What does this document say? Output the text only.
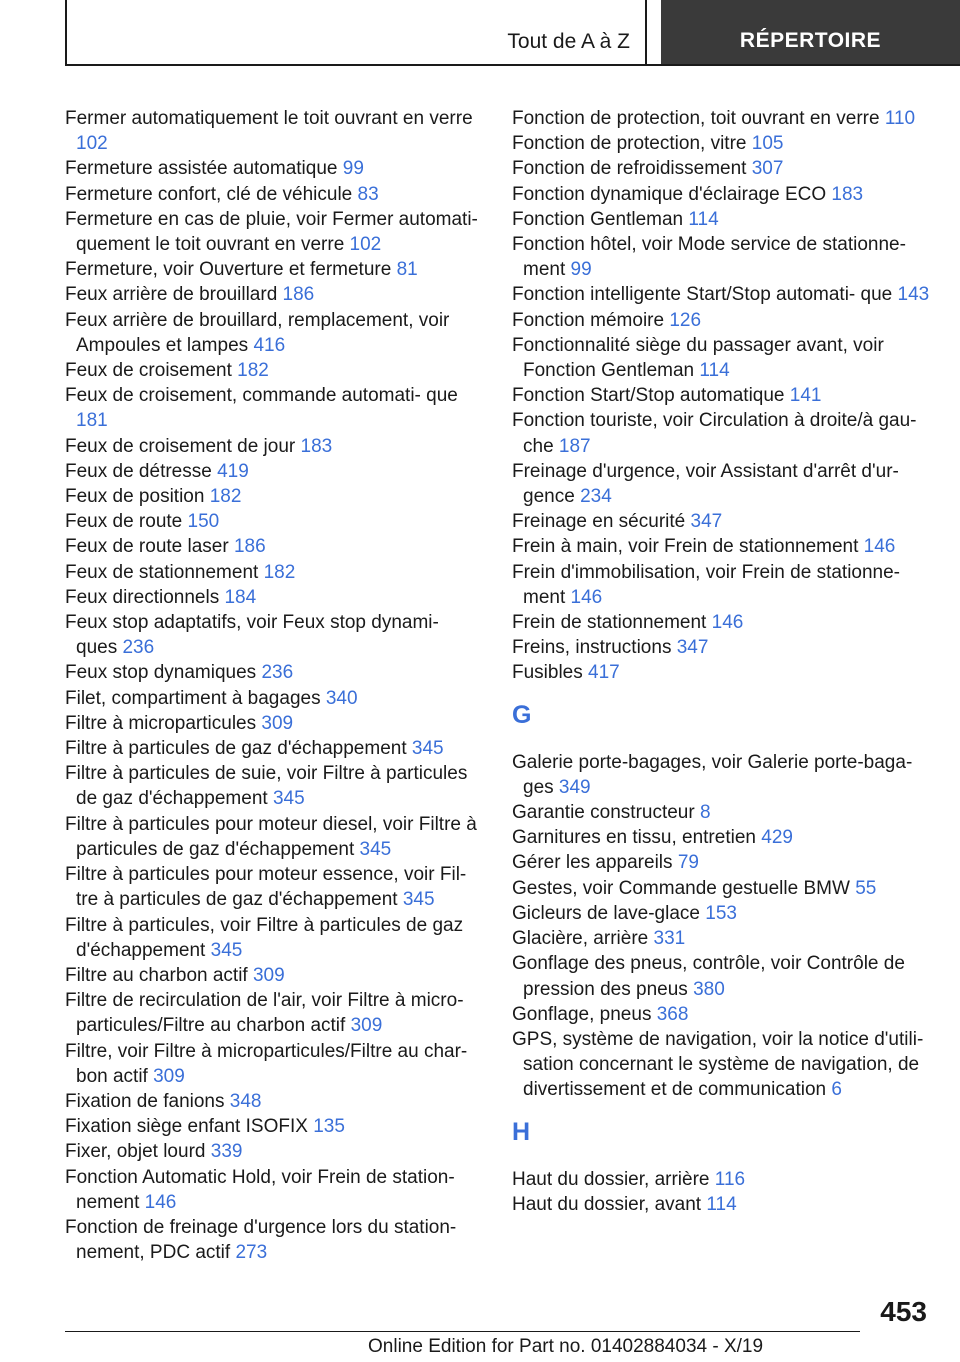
Tout de A à Z	RÉPERTOIRE
Fermer automatiquement le toit ouvrant en verre 102
Fermeture assistée automatique 99
Fermeture confort, clé de véhicule 83
Fermeture en cas de pluie, voir Fermer automati‐ quement le toit ouvrant en verre 102
Fermeture, voir Ouverture et fermeture 81
Feux arrière de brouillard 186
Feux arrière de brouillard, remplacement, voir Ampoules et lampes 416
Feux de croisement 182
Feux de croisement, commande automati‐ que 181
Feux de croisement de jour 183
Feux de détresse 419
Feux de position 182
Feux de route 150
Feux de route laser 186
Feux de stationnement 182
Feux directionnels 184
Feux stop adaptatifs, voir Feux stop dynami‐ ques 236
Feux stop dynamiques 236
Filet, compartiment à bagages 340
Filtre à microparticules 309
Filtre à particules de gaz d'échappement 345
Filtre à particules de suie, voir Filtre à particules de gaz d'échappement 345
Filtre à particules pour moteur diesel, voir Filtre à particules de gaz d'échappement 345
Filtre à particules pour moteur essence, voir Fil‐ tre à particules de gaz d'échappement 345
Filtre à particules, voir Filtre à particules de gaz d'échappement 345
Filtre au charbon actif 309
Filtre de recirculation de l'air, voir Filtre à micro‐ particules/Filtre au charbon actif 309
Filtre, voir Filtre à microparticules/Filtre au char‐ bon actif 309
Fixation de fanions 348
Fixation siège enfant ISOFIX 135
Fixer, objet lourd 339
Fonction Automatic Hold, voir Frein de station‐ nement 146
Fonction de freinage d'urgence lors du station‐ nement, PDC actif 273
Fonction de protection, toit ouvrant en verre 110
Fonction de protection, vitre 105
Fonction de refroidissement 307
Fonction dynamique d'éclairage ECO 183
Fonction Gentleman 114
Fonction hôtel, voir Mode service de stationne‐ ment 99
Fonction intelligente Start/Stop automati‐ que 143
Fonction mémoire 126
Fonctionnalité siège du passager avant, voir Fonction Gentleman 114
Fonction Start/Stop automatique 141
Fonction touriste, voir Circulation à droite/à gau‐ che 187
Freinage d'urgence, voir Assistant d'arrêt d'ur‐ gence 234
Freinage en sécurité 347
Frein à main, voir Frein de stationnement 146
Frein d'immobilisation, voir Frein de stationne‐ ment 146
Frein de stationnement 146
Freins, instructions 347
Fusibles 417
G
Galerie porte-bagages, voir Galerie porte-baga‐ ges 349
Garantie constructeur 8
Garnitures en tissu, entretien 429
Gérer les appareils 79
Gestes, voir Commande gestuelle BMW 55
Gicleurs de lave-glace 153
Glacière, arrière 331
Gonflage des pneus, contrôle, voir Contrôle de pression des pneus 380
Gonflage, pneus 368
GPS, système de navigation, voir la notice d'utili‐ sation concernant le système de navigation, de divertissement et de communication 6
H
Haut du dossier, arrière 116
Haut du dossier, avant 114
453
Online Edition for Part no. 01402884034 - X/19
